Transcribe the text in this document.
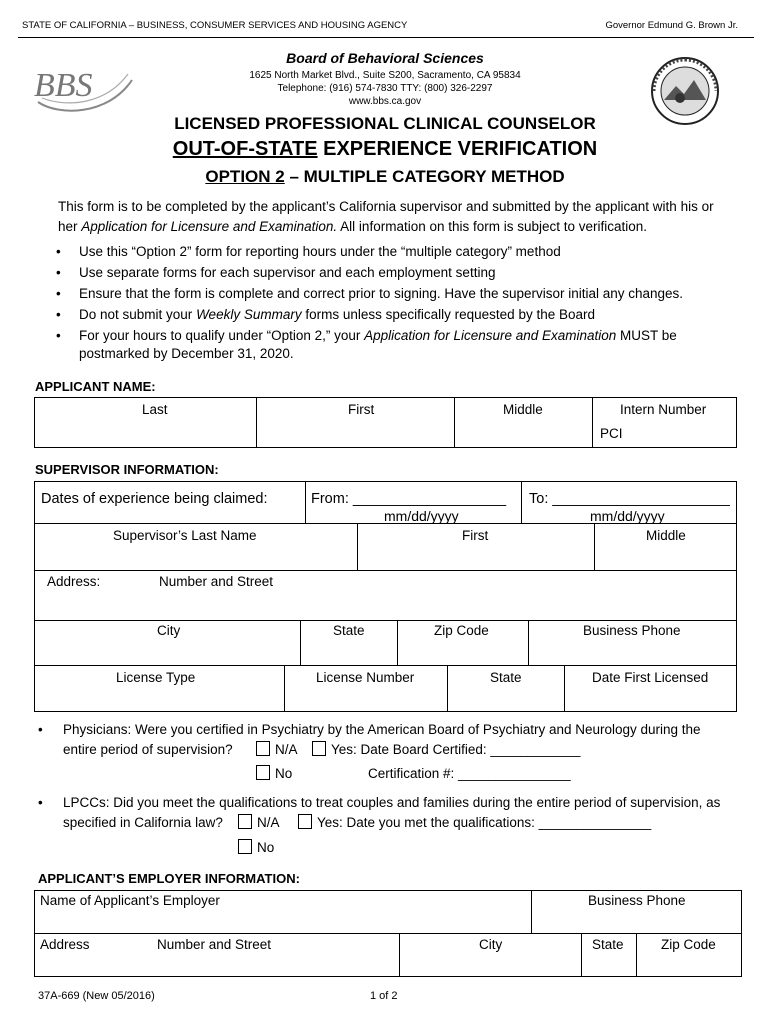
STATE OF CALIFORNIA – BUSINESS, CONSUMER SERVICES AND HOUSING AGENCY	Governor Edmund G. Brown Jr.
BBS
Board of Behavioral Sciences
1625 North Market Blvd., Suite S200, Sacramento, CA 95834
Telephone: (916) 574-7830 TTY: (800) 326-2297
www.bbs.ca.gov
LICENSED PROFESSIONAL CLINICAL COUNSELOR
OUT-OF-STATE EXPERIENCE VERIFICATION
OPTION 2 – MULTIPLE CATEGORY METHOD
This form is to be completed by the applicant’s California supervisor and submitted by the applicant with his or her Application for Licensure and Examination. All information on this form is subject to verification.
• Use this “Option 2” form for reporting hours under the “multiple category” method
• Use separate forms for each supervisor and each employment setting
• Ensure that the form is complete and correct prior to signing. Have the supervisor initial any changes.
• Do not submit your Weekly Summary forms unless specifically requested by the Board
• For your hours to qualify under “Option 2,” your Application for Licensure and Examination MUST be postmarked by December 31, 2020.
APPLICANT NAME:
Last	First	Middle	Intern Number
PCI
SUPERVISOR INFORMATION:
Dates of experience being claimed:	From: ___________________ To: ______________________
mm/dd/yyyy	mm/dd/yyyy
Supervisor’s Last Name	First	Middle
Address:	Number and Street
City	State	Zip Code	Business Phone
License Type	License Number	State	Date First Licensed
• Physicians: Were you certified in Psychiatry by the American Board of Psychiatry and Neurology during the
entire period of supervision?	N/A	Yes: Date Board Certified: ____________
No	Certification #: _______________
• LPCCs: Did you meet the qualifications to treat couples and families during the entire period of supervision, as
specified in California law?	N/A	Yes: Date you met the qualifications: _______________
No
APPLICANT’S EMPLOYER INFORMATION:
Name of Applicant’s Employer	Business Phone
Address	Number and Street	City	State	Zip Code
37A-669 (New 05/2016)	1 of 2
